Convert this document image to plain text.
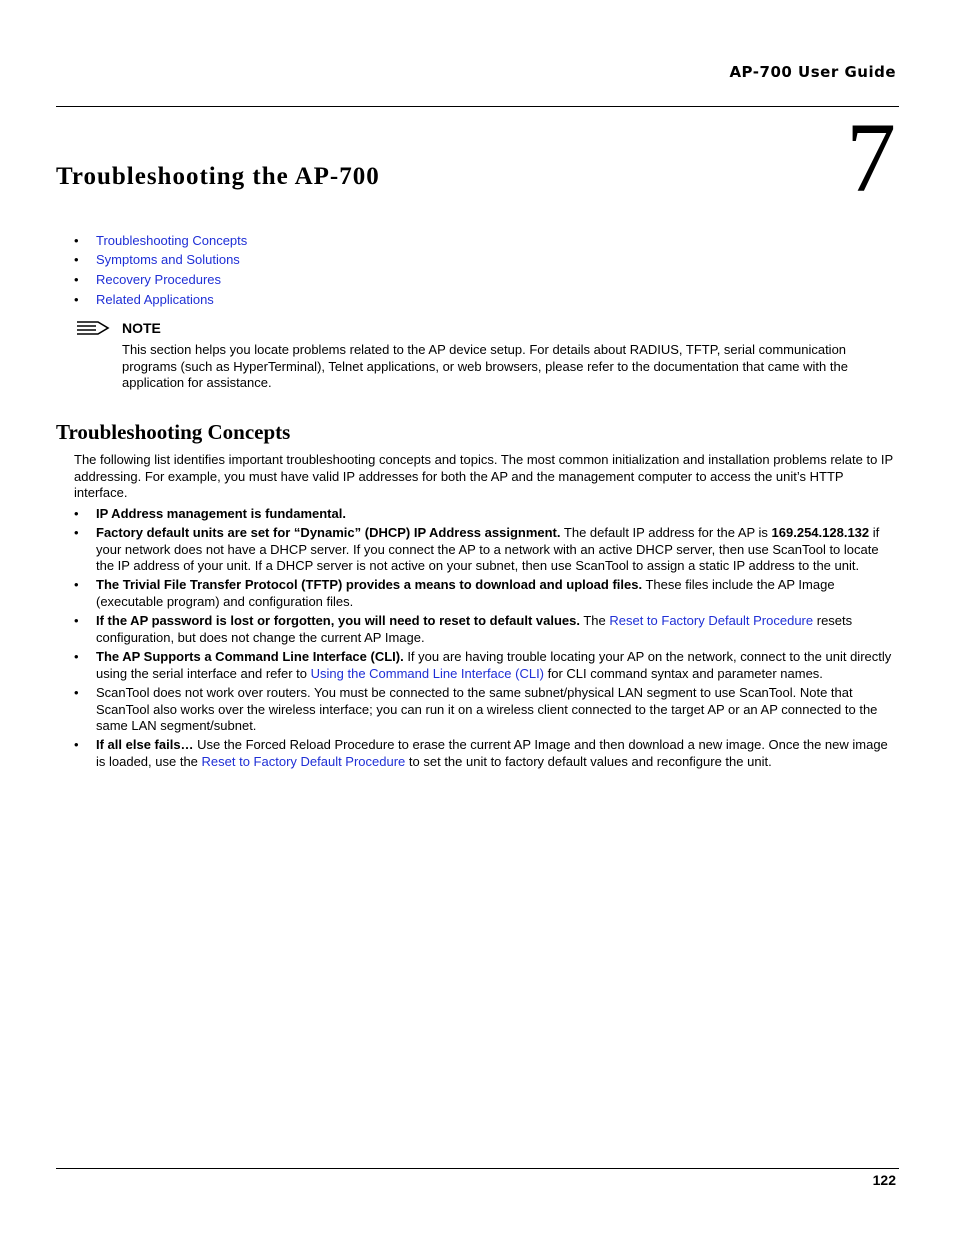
AP-700 User Guide
7
Troubleshooting the AP-700
• Troubleshooting Concepts
• Symptoms and Solutions
• Recovery Procedures
• Related Applications
NOTE
This section helps you locate problems related to the AP device setup. For details about RADIUS, TFTP, serial communication programs (such as HyperTerminal), Telnet applications, or web browsers, please refer to the documentation that came with the application for assistance.
Troubleshooting Concepts
The following list identifies important troubleshooting concepts and topics. The most common initialization and installation problems relate to IP addressing. For example, you must have valid IP addresses for both the AP and the management computer to access the unit’s HTTP interface.
•	IP Address management is fundamental.
•	Factory default units are set for “Dynamic” (DHCP) IP Address assignment. The default IP address for the AP is 169.254.128.132 if your network does not have a DHCP server. If you connect the AP to a network with an active DHCP server, then use ScanTool to locate the IP address of your unit. If a DHCP server is not active on your subnet, then use ScanTool to assign a static IP address to the unit.
•	The Trivial File Transfer Protocol (TFTP) provides a means to download and upload files. These files include the AP Image (executable program) and configuration files.
•	If the AP password is lost or forgotten, you will need to reset to default values. The Reset to Factory Default Procedure resets configuration, but does not change the current AP Image.
•	The AP Supports a Command Line Interface (CLI). If you are having trouble locating your AP on the network, connect to the unit directly using the serial interface and refer to Using the Command Line Interface (CLI) for CLI command syntax and parameter names.
•	ScanTool does not work over routers. You must be connected to the same subnet/physical LAN segment to use ScanTool. Note that ScanTool also works over the wireless interface; you can run it on a wireless client connected to the target AP or an AP connected to the same LAN segment/subnet.
•	If all else fails… Use the Forced Reload Procedure to erase the current AP Image and then download a new image. Once the new image is loaded, use the Reset to Factory Default Procedure to set the unit to factory default values and reconfigure the unit.
122
